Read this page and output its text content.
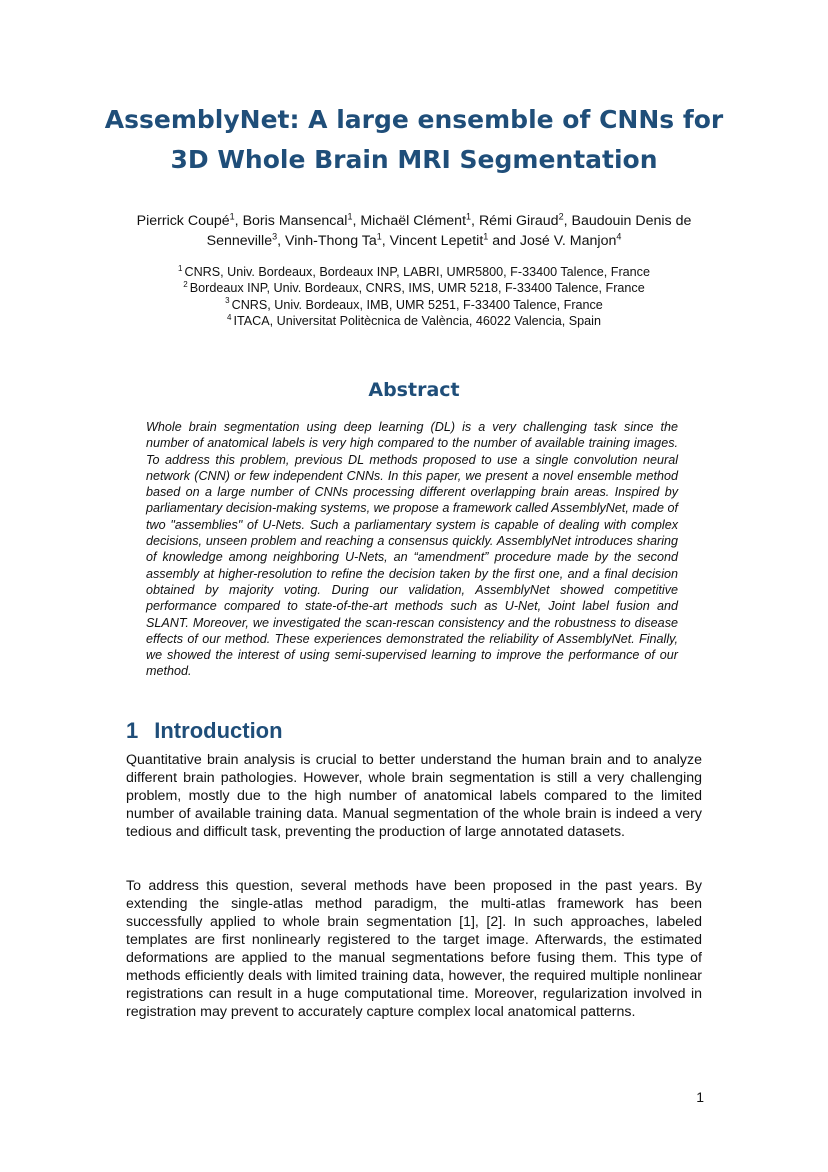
AssemblyNet: A large ensemble of CNNs for
3D Whole Brain MRI Segmentation
Pierrick Coupé$^1$, Boris Mansencal$^1$, Michaël Clément$^1$, Rémi Giraud$^2$, Baudouin Denis de Senneville$^3$, Vinh-Thong Ta$^1$, Vincent Lepetit$^1$ and José V. Manjon$^4$
$^1$ CNRS, Univ. Bordeaux, Bordeaux INP, LABRI, UMR5800, F-33400 Talence, France
$^2$ Bordeaux INP, Univ. Bordeaux, CNRS, IMS, UMR 5218, F-33400 Talence, France
$^3$ CNRS, Univ. Bordeaux, IMB, UMR 5251, F-33400 Talence, France
$^4$ ITACA, Universitat Politècnica de València, 46022 Valencia, Spain
Abstract

Whole brain segmentation using deep learning (DL) is a very challenging task since the number of anatomical labels is very high compared to the number of available training images. To address this problem, previous DL methods proposed to use a single convolution neural network (CNN) or few independent CNNs. In this paper, we present a novel ensemble method based on a large number of CNNs processing different overlapping brain areas. Inspired by parliamentary decision-making systems, we propose a framework called AssemblyNet, made of two "assemblies" of U-Nets. Such a parliamentary system is capable of dealing with complex decisions, unseen problem and reaching a consensus quickly. AssemblyNet introduces sharing of knowledge among neighboring U-Nets, an “amendment” procedure made by the second assembly at higher-resolution to refine the decision taken by the first one, and a final decision obtained by majority voting. During our validation, AssemblyNet showed competitive performance compared to state-of-the-art methods such as U-Net, Joint label fusion and SLANT. Moreover, we investigated the scan-rescan consistency and the robustness to disease effects of our method. These experiences demonstrated the reliability of AssemblyNet. Finally, we showed the interest of using semi-supervised learning to improve the performance of our method.

1 Introduction

Quantitative brain analysis is crucial to better understand the human brain and to analyze different brain pathologies. However, whole brain segmentation is still a very challenging problem, mostly due to the high number of anatomical labels compared to the limited number of available training data. Manual segmentation of the whole brain is indeed a very tedious and difficult task, preventing the production of large annotated datasets.

To address this question, several methods have been proposed in the past years. By extending the single-atlas method paradigm, the multi-atlas framework has been successfully applied to whole brain segmentation [1], [2]. In such approaches, labeled templates are first nonlinearly registered to the target image. Afterwards, the estimated deformations are applied to the manual segmentations before fusing them. This type of methods efficiently deals with limited training data, however, the required multiple nonlinear registrations can result in a huge computational time. Moreover, regularization involved in registration may prevent to accurately capture complex local anatomical patterns.

1
